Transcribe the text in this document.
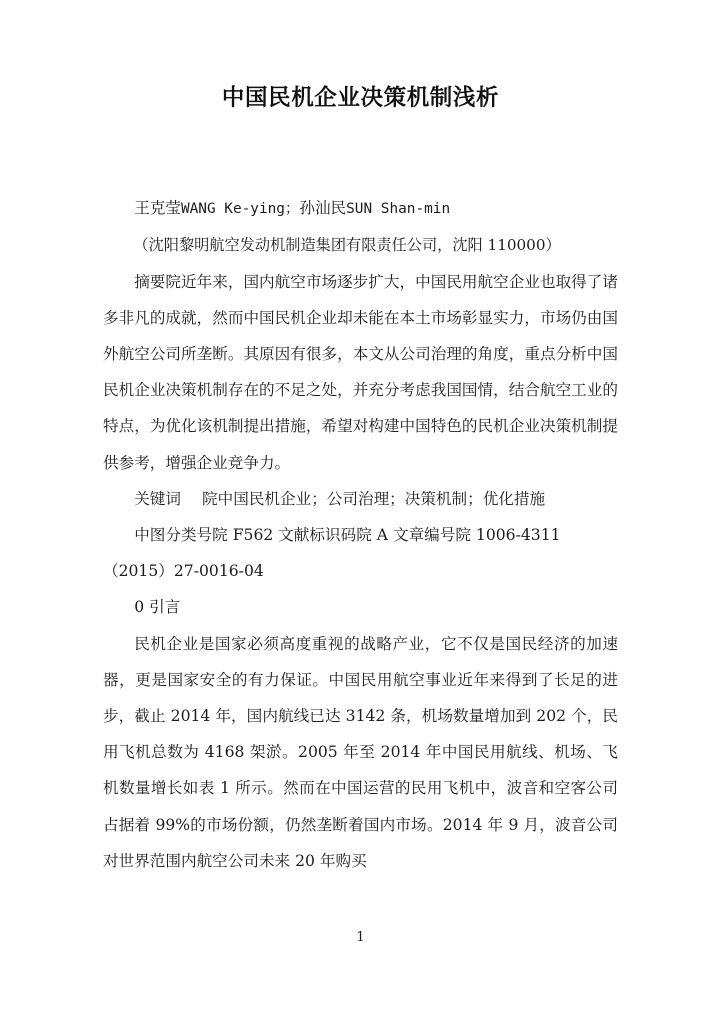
中国民机企业决策机制浅析

王克莹WANG Ke-ying；孙汕民SUN Shan-min

（沈阳黎明航空发动机制造集团有限责任公司，沈阳 110000）

摘要院近年来，国内航空市场逐步扩大，中国民用航空企业也取得了诸多非凡的成就，然而中国民机企业却未能在本土市场彰显实力，市场仍由国外航空公司所垄断。其原因有很多，本文从公司治理的角度，重点分析中国民机企业决策机制存在的不足之处，并充分考虑我国国情，结合航空工业的特点，为优化该机制提出措施，希望对构建中国特色的民机企业决策机制提供参考，增强企业竞争力。

关键词 院中国民机企业；公司治理；决策机制；优化措施

中图分类号院 F562 文献标识码院 A 文章编号院 1006-4311

（2015）27-0016-04

0 引言

民机企业是国家必须高度重视的战略产业，它不仅是国民经济的加速器，更是国家安全的有力保证。中国民用航空事业近年来得到了长足的进步，截止 2014 年，国内航线已达 3142 条，机场数量增加到 202 个，民用飞机总数为 4168 架淤。2005 年至 2014 年中国民用航线、机场、飞机数量增长如表 1 所示。然而在中国运营的民用飞机中，波音和空客公司占据着 99%的市场份额，仍然垄断着国内市场。2014 年 9 月，波音公司对世界范围内航空公司未来 20 年购买

1
